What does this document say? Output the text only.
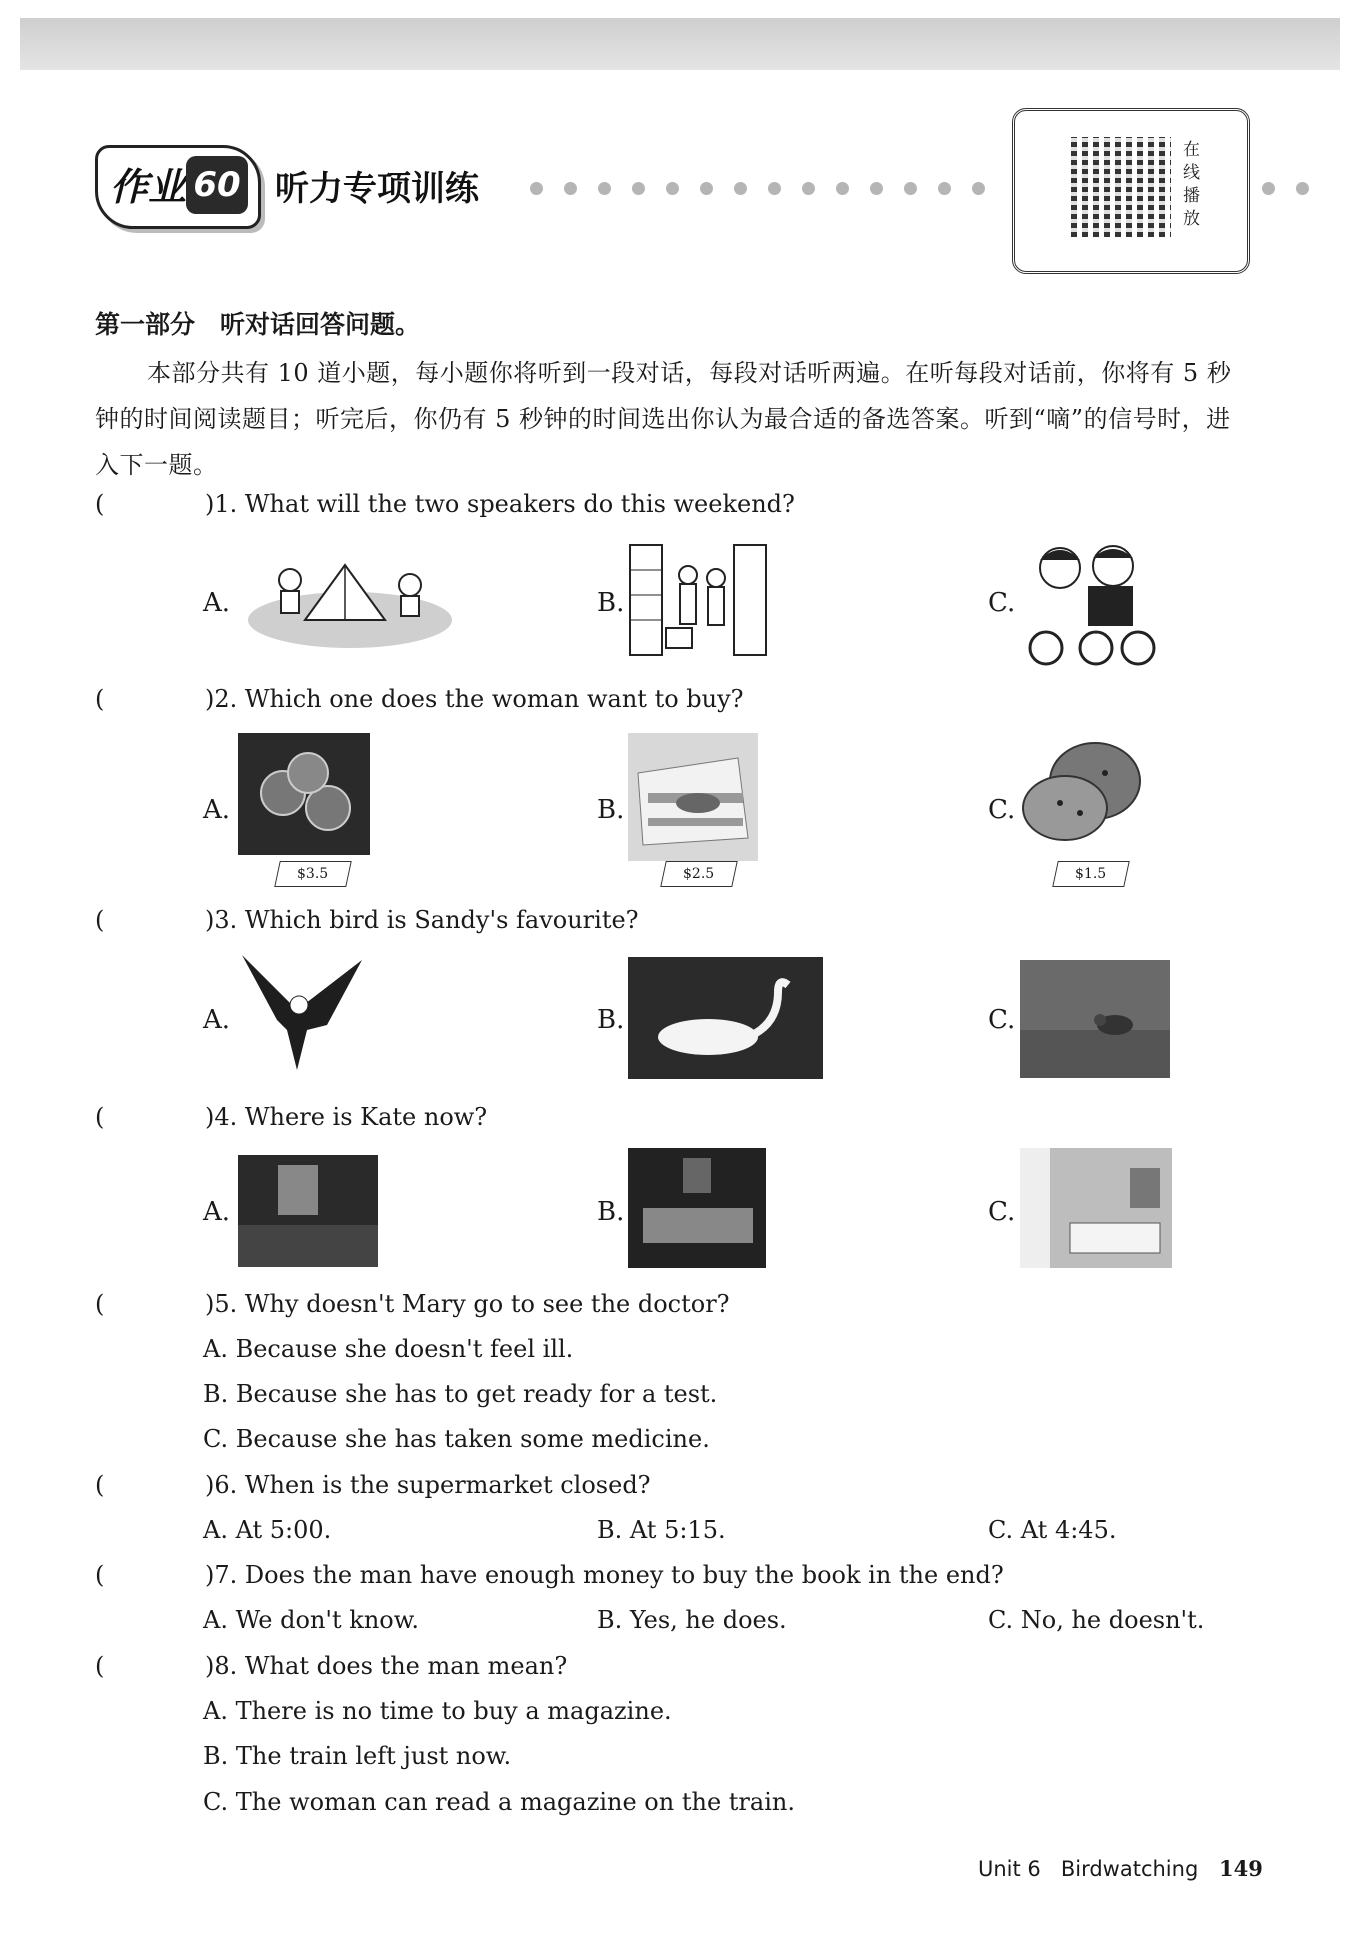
作业 60 听力专项训练
在线播放
第一部分　听对话回答问题。
本部分共有 10 道小题，每小题你将听到一段对话，每段对话听两遍。在听每段对话前，你将有 5 秒钟的时间阅读题目；听完后，你仍有 5 秒钟的时间选出你认为最合适的备选答案。听到“嘀”的信号时，进入下一题。
(	)1. What will the two speakers do this weekend?
A.	B.	C.
(	)2. Which one does the woman want to buy?
A.	B.	C.
$3.5	$2.5	$1.5
(	)3. Which bird is Sandy's favourite?
A.	B.	C.
(	)4. Where is Kate now?
A.	B.	C.
(	)5. Why doesn't Mary go to see the doctor?
A. Because she doesn't feel ill.
B. Because she has to get ready for a test.
C. Because she has taken some medicine.
(	)6. When is the supermarket closed?
A. At 5:00.	B. At 5:15.	C. At 4:45.
(	)7. Does the man have enough money to buy the book in the end?
A. We don't know.	B. Yes, he does.	C. No, he doesn't.
(	)8. What does the man mean?
A. There is no time to buy a magazine.
B. The train left just now.
C. The woman can read a magazine on the train.
Unit 6 Birdwatching 149
